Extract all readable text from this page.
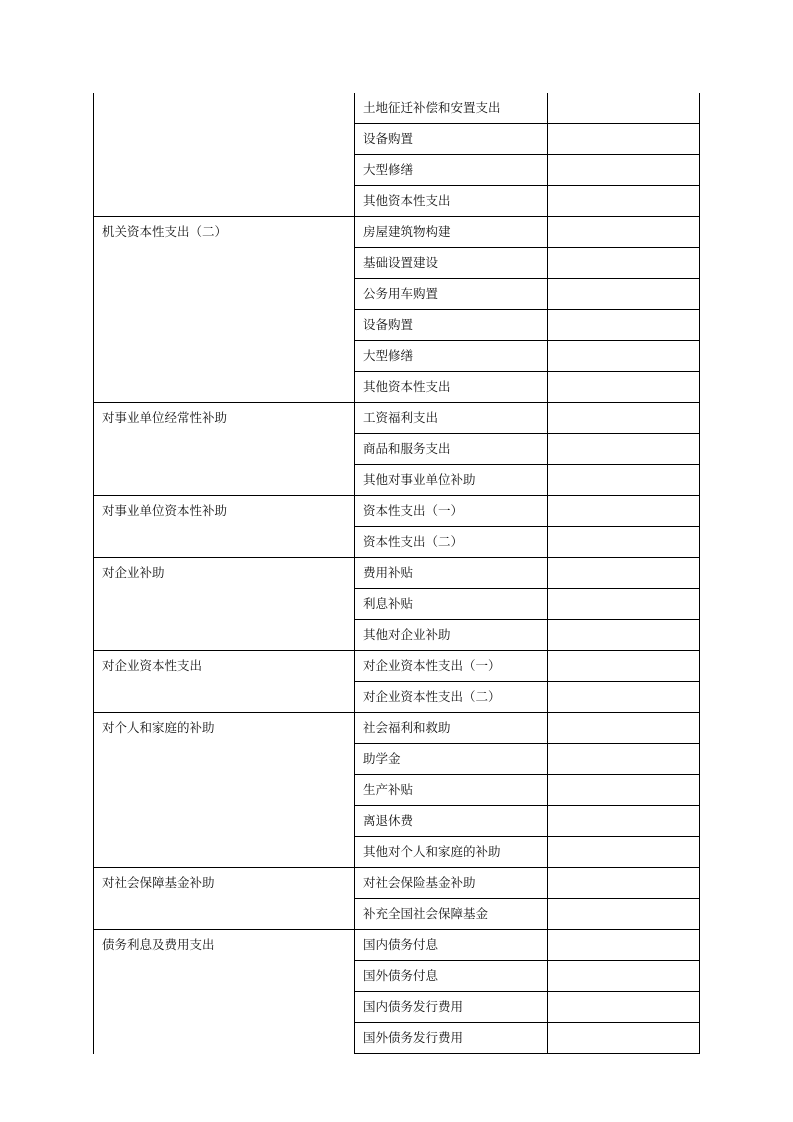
	土地征迁补偿和安置支出	
	设备购置	
	大型修缮	
	其他资本性支出	
机关资本性支出（二）	房屋建筑物构建	
	基础设置建设	
	公务用车购置	
	设备购置	
	大型修缮	
	其他资本性支出	
对事业单位经常性补助	工资福利支出	
	商品和服务支出	
	其他对事业单位补助	
对事业单位资本性补助	资本性支出（一）	
	资本性支出（二）	
对企业补助	费用补贴	
	利息补贴	
	其他对企业补助	
对企业资本性支出	对企业资本性支出（一）	
	对企业资本性支出（二）	
对个人和家庭的补助	社会福利和救助	
	助学金	
	生产补贴	
	离退休费	
	其他对个人和家庭的补助	
对社会保障基金补助	对社会保险基金补助	
	补充全国社会保障基金	
债务利息及费用支出	国内债务付息	
	国外债务付息	
	国内债务发行费用	
	国外债务发行费用	
